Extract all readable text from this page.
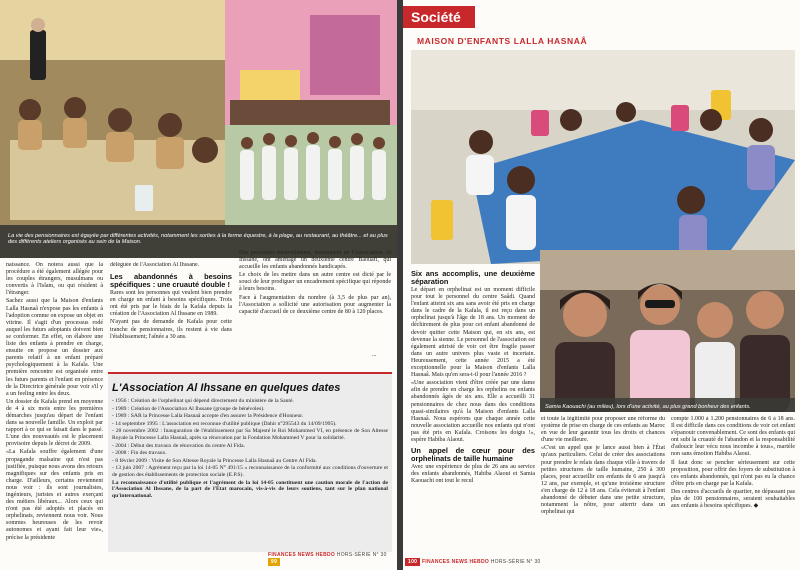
La vie des pensionnaires est égayée par différentes activités, notamment les sorties à la ferme équestre, à la plage, au restaurant, au théâtre... et au plus des différents ateliers organisés au sein de la Maison.

naissance. On notera aussi que la procédure a été également allégée pour les couples étrangers, musulmans ou convertis à l'Islam, ou qui résident à l'étranger.

Sachez aussi que la Maison d'enfants Lalla Hasnaâ n'expose pas les enfants à l'adoption comme on expose un objet en vitrine. Il s'agit d'un processus rodé auquel les futurs adoptants doivent bien se conformer. En effet, on élabore une liste des enfants à prendre en charge, ensuite on propose un dossier aux parents relatif à un enfant préparé psychologiquement à la Kafala. Une première rencontre est organisée entre les futurs parents et l'enfant en présence de la Directrice générale pour voir s'il y a un feeling entre les deux.

Un dossier de Kafala prend en moyenne de 4 à six mois entre les premières démarches jusqu'au départ de l'enfant dans sa nouvelle famille. Un exploit par rapport à ce qui se faisait dans le passé. L'une des nouveautés est le placement provisoire depuis le décret de 2009.

«La Kafala souffre également d'une propagande malsaine qui n'est pas justifiée, puisque nous avons des retours magnifiques sur des enfants pris en charge. D'ailleurs, certains reviennent nous voir : ils sont journalistes, ingénieurs, juristes et autres exerçant des métiers libéraux... Alors ceux qui n'ont pas été adoptés et placés en orphelinats, reviennent nous voir. Nous sommes heureuses de les revoir autonomes et ayant fait leur vie», précise la présidente

déléguée de l'Association Al Ihssane.

Les abandonnés à besoins spécifiques : une cruauté double !

Rares sont les personnes qui veulent bien prendre en charge un enfant à besoins spécifiques. Trois ont été pris par le biais de la Kafala depuis la création de l'Association Al Ihssane en 1989.

N'ayant pas de demande de Kafala pour cette tranche de pensionnaires, ils restent à vie dans l'établissement; l'aînée a 30 ans.

Des personnes bienveillantes, notamment de l'Association Al Ihssane, ont aménagé un deuxième centre Baouafi, qui accueille les enfants abandonnés handicapés.

Le choix de les mettre dans un autre centre est dicté par le souci de leur prodiguer un encadrement spécifique qui réponde à leurs besoins.

Face à l'augmentation du nombre (à 3,5 de plus par an), l'Association a sollicité une autorisation pour augmenter la capacité d'accueil de ce deuxième centre de 80 à 120 places.

...
L'Association Al Ihssane en quelques dates

- 1956 : Création de l'orphelinat qui dépend directement du ministère de la Santé.

- 1989 : Création de l'Association Al Ihssane (groupe de bénévoles).

- 1989 : SAR la Princesse Lalla Hasnaâ accepte d'en assurer la Présidence d'Honneur.

- 14 septembre 1995 : L'association est reconnue d'utilité publique (Dahir n°295543 du 14/09/1995).

- 28 novembre 2002 : Inauguration de l'établissement par Sa Majesté le Roi Mohammed VI, en présence de Son Altesse Royale la Princesse Lalla Hasnaâ, après sa rénovation par la Fondation Mohammed V pour la solidarité.

- 2004 : Début des travaux de rénovation du centre Al Fida.

- 2008 : Fin des travaux.

- 8 février 2009 : Visite de Son Altesse Royale la Princesse Lalla Hasnaâ au Centre Al Fida.

- 13 juin 2007 : Agrément reçu par la loi 14-05 N° 491/15 » reconnaissance de la conformité aux conditions d'ouverture et de gestion des établissements de protection sociale (E.P.S).

La reconnaissance d'utilité publique et l'agrément de la loi 14-05 constituent une caution morale de l'action de l'Association Al Ihssane, de la part de l'État marocain, vis-à-vis de leurs soutiens, tant sur le plan national qu'international.

FINANCES NEWS HEBDO HORS-SÉRIE N° 30 99
Société
MAISON D'ENFANTS LALLA HASNAÂ
Six ans accomplis, une deuxième séparation

Le départ en orphelinat est un moment difficile pour tout le personnel du centre Saâdi. Quand l'enfant atteint six ans sans avoir été pris en charge dans le cadre de la Kafala, il est reçu dans un orphelinat jusqu'à l'âge de 18 ans. Un moment de déchirement de plus pour cet enfant abandonné de devoir quitter cette Maison qui, en six ans, est devenue la sienne. Le personnel de l'association est également attristé de voir cet être fragile passer dans un autre univers plus vaste et incertain. Heureusement, cette année 2015 a été exceptionnelle pour la Maison d'enfants Lalla Hasnaâ. Mais qu'en sera-t-il pour l'année 2016 ?

«Une association vient d'être créée par une dame afin de prendre en charge les orphelins ou enfants abandonnés âgés de six ans. Elle a accueilli 31 pensionnaires de chez nous dans des conditions quasi-similaires qu'à la Maison d'enfants Lalla Hasnaâ. Nous espérons que chaque année cette nouvelle association accueille nos enfants qui n'ont pas été pris en Kafala. Croisons les doigts !», espère Habiba Alaoui.

Un appel de cœur pour des orphelinats de taille humaine

Avec une expérience de plus de 26 ans au service des enfants abandonnés, Habiba Alaoui et Samia Kaouachi ont tout le recul

Samia Kaouachi (au milieu), lors d'une activité, au plus grand bonheur des enfants.

et toute la légitimité pour proposer une réforme du système de prise en charge de ces enfants au Maroc en vue de leur garantir tous les droits et chances d'une vie meilleure.

«C'est un appel que je lance aussi bien à l'État qu'aux particuliers. Celui de créer des associations pour prendre le relais dans chaque ville à travers de petites structures de taille humaine, 250 à 300 places, pour accueillir ces enfants de 6 ans jusqu'à 12 ans, par exemple, et qu'une troisième structure s'en charge de 12 à 18 ans. Cela éviterait à l'enfant abandonné de débuter dans une petite structure, notamment la nôtre, pour atterrir dans un orphelinat qui

compte 1.000 à 1.200 pensionnaires de 6 à 18 ans. Il est difficile dans ces conditions de voir cet enfant s'épanouir convenablement. Ce sont des enfants qui ont subi la cruauté de l'abandon et la responsabilité d'adoucir leur vécu nous incombe à tous», martèle non sans émotion Habiba Alaoui.

Il faut donc se pencher sérieusement sur cette proposition, pour offrir des foyers de substitution à ces enfants abandonnés, qui n'ont pas eu la chance d'être pris en charge par la Kafala.

Des centres d'accueils de quartier, ne dépassant pas plus de 100 pensionnaires, seraient souhaitables aux enfants à besoins spécifiques. ◆

100 FINANCES NEWS HEBDO HORS-SÉRIE N° 30
